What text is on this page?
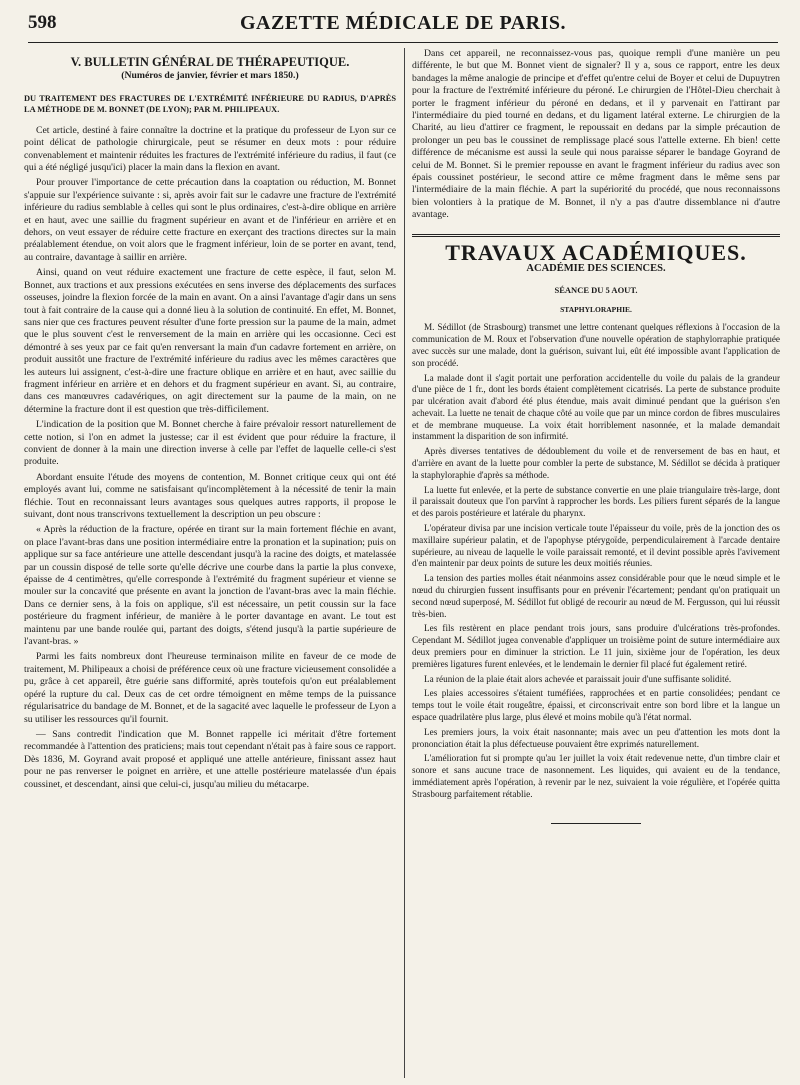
598	GAZETTE MÉDICALE DE PARIS.
V. BULLETIN GÉNÉRAL DE THÉRAPEUTIQUE.
(Numéros de janvier, février et mars 1850.)
DU TRAITEMENT DES FRACTURES DE L'EXTRÉMITÉ INFÉRIEURE DU RADIUS, D'APRÈS LA MÉTHODE DE M. BONNET (DE LYON); PAR M. PHILIPEAUX.

Cet article, destiné à faire connaître la doctrine et la pratique du professeur de Lyon sur ce point délicat de pathologie chirurgicale, peut se résumer en deux mots : pour réduire convenablement et maintenir réduites les fractures de l'extrémité inférieure du radius, il faut (ce qui a été négligé jusqu'ici) placer la main dans la flexion en avant.

Pour prouver l'importance de cette précaution dans la coaptation ou réduction, M. Bonnet s'appuie sur l'expérience suivante : si, après avoir fait sur le cadavre une fracture de l'extrémité inférieure du radius semblable à celles qui sont le plus ordinaires, c'est-à-dire oblique en arrière et en haut, avec une saillie du fragment supérieur en avant et de l'inférieur en arrière et en dehors, on veut essayer de réduire cette fracture en exerçant des tractions directes sur la main préalablement étendue, on voit alors que le fragment inférieur, loin de se porter en avant, tend, au contraire, davantage à saillir en arrière.

Ainsi, quand on veut réduire exactement une fracture de cette espèce, il faut, selon M. Bonnet, aux tractions et aux pressions exécutées en sens inverse des déplacements des surfaces osseuses, joindre la flexion forcée de la main en avant. On a ainsi l'avantage d'agir dans un sens tout à fait contraire de la cause qui a donné lieu à la solution de continuité. En effet, M. Bonnet, sans nier que ces fractures peuvent résulter d'une forte pression sur la paume de la main, admet que le plus souvent c'est le renversement de la main en arrière qui les occasionne. Ceci est démontré à ses yeux par ce fait qu'en renversant la main d'un cadavre fortement en arrière, on produit aussitôt une fracture de l'extrémité inférieure du radius avec les mêmes caractères que les auteurs lui assignent, c'est-à-dire une fracture oblique en arrière et en haut, avec saillie du fragment inférieur en arrière et en dehors et du fragment supérieur en avant. Si, au contraire, dans ces manœuvres cadavériques, on agit directement sur la paume de la main, on ne détermine la fracture dont il est question que très-difficilement.

L'indication de la position que M. Bonnet cherche à faire prévaloir ressort naturellement de cette notion, si l'on en admet la justesse; car il est évident que pour réduire la fracture, il convient de donner à la main une direction inverse à celle par l'effet de laquelle celle-ci s'est produite.

Abordant ensuite l'étude des moyens de contention, M. Bonnet critique ceux qui ont été employés avant lui, comme ne satisfaisant qu'incomplètement à la nécessité de tenir la main fléchie. Tout en reconnaissant leurs avantages sous quelques autres rapports, il propose le suivant, dont nous transcrivons textuellement la description un peu obscure :

« Après la réduction de la fracture, opérée en tirant sur la main fortement fléchie en avant, on place l'avant-bras dans une position intermédiaire entre la pronation et la supination; puis on applique sur sa face antérieure une attelle descendant jusqu'à la racine des doigts, et matelassée par un coussin disposé de telle sorte qu'elle décrive une courbe dans la partie la plus convexe, épaisse de 4 centimètres, qu'elle corresponde à l'extrémité du fragment supérieur et vienne se mouler sur la concavité que présente en avant la jonction de l'avant-bras avec la main fléchie. Dans ce dernier sens, à la fois on applique, s'il est nécessaire, un petit coussin sur la face postérieure du fragment inférieur, de manière à le porter davantage en avant. Le tout est maintenu par une bande roulée qui, partant des doigts, s'étend jusqu'à la partie supérieure de l'avant-bras. »

Parmi les faits nombreux dont l'heureuse terminaison milite en faveur de ce mode de traitement, M. Philipeaux a choisi de préférence ceux où une fracture vicieusement consolidée a pu, grâce à cet appareil, être guérie sans difformité, après toutefois qu'on eut préalablement opéré la rupture du cal. Deux cas de cet ordre témoignent en même temps de la puissance régularisatrice du bandage de M. Bonnet, et de la sagacité avec laquelle le professeur de Lyon a su utiliser les ressources qu'il fournit.

— Sans contredit l'indication que M. Bonnet rappelle ici méritait d'être fortement recommandée à l'attention des praticiens; mais tout cependant n'était pas à faire sous ce rapport. Dès 1836, M. Goyrand avait proposé et appliqué une attelle antérieure, finissant assez haut pour ne pas renverser le poignet en arrière, et une attelle postérieure matelassée d'un épais coussinet, et descendant, ainsi que celui-ci, jusqu'au milieu du métacarpe.

Dans cet appareil, ne reconnaissez-vous pas, quoique rempli d'une manière un peu différente, le but que M. Bonnet vient de signaler? Il y a, sous ce rapport, entre les deux bandages la même analogie de principe et d'effet qu'entre celui de Boyer et celui de Dupuytren pour la fracture de l'extrémité inférieure du péroné. Le chirurgien de l'Hôtel-Dieu cherchait à porter le fragment inférieur du péroné en dedans, et il y parvenait en l'attirant par l'intermédiaire du pied tourné en dedans, et du ligament latéral externe. Le chirurgien de la Charité, au lieu d'attirer ce fragment, le repoussait en dedans par la simple précaution de prolonger un peu bas le coussinet de remplissage placé sous l'attelle externe. Eh bien! cette différence de mécanisme est aussi la seule qui nous paraisse séparer le bandage Goyrand de celui de M. Bonnet. Si le premier repousse en avant le fragment inférieur du radius avec son épais coussinet postérieur, le second attire ce même fragment dans le même sens par l'intermédiaire de la main fléchie. A part la supériorité du procédé, que nous reconnaissons bien volontiers à la pratique de M. Bonnet, il n'y a pas d'autre dissemblance ni d'autre avantage.

TRAVAUX ACADÉMIQUES.
ACADÉMIE DES SCIENCES.
SÉANCE DU 5 AOUT.
STAPHYLORAPHIE.

M. Sédillot (de Strasbourg) transmet une lettre contenant quelques réflexions à l'occasion de la communication de M. Roux et l'observation d'une nouvelle opération de staphylorraphie pratiquée avec succès sur une malade, dont la guérison, suivant lui, eût été impossible avant l'application de son procédé.

La malade dont il s'agit portait une perforation accidentelle du voile du palais de la grandeur d'une pièce de 1 fr., dont les bords étaient complètement cicatrisés. La perte de substance produite par ulcération avait d'abord été plus étendue, mais avait diminué pendant que la guérison s'en achevait. La luette ne tenait de chaque côté au voile que par un mince cordon de fibres musculaires et de membrane muqueuse. La voix était horriblement nasonnée, et la malade demandait instamment la disparition de son infirmité.

Après diverses tentatives de dédoublement du voile et de renversement de bas en haut, et d'arrière en avant de la luette pour combler la perte de substance, M. Sédillot se décida à pratiquer la staphyloraphie d'après sa méthode.

La luette fut enlevée, et la perte de substance convertie en une plaie triangulaire très-large, dont il paraissait douteux que l'on parvînt à rapprocher les bords. Les piliers furent séparés de la langue et des parois postérieure et latérale du pharynx.

L'opérateur divisa par une incision verticale toute l'épaisseur du voile, près de la jonction des os maxillaire supérieur palatin, et de l'apophyse ptérygoïde, perpendiculairement à l'arcade dentaire supérieure, au niveau de laquelle le voile paraissait remonté, et il devint possible après l'avivement d'en maintenir par deux points de suture les deux moitiés réunies.

La tension des parties molles était néanmoins assez considérable pour que le nœud simple et le nœud du chirurgien fussent insuffisants pour en prévenir l'écartement; pendant qu'on pratiquait un second nœud superposé, M. Sédillot fut obligé de recourir au nœud de M. Fergusson, qui lui réussit très-bien.

Les fils restèrent en place pendant trois jours, sans produire d'ulcérations très-profondes. Cependant M. Sédillot jugea convenable d'appliquer un troisième point de suture intermédiaire aux deux premiers pour en diminuer la striction. Le 11 juin, sixième jour de l'opération, les deux premières ligatures furent enlevées, et le lendemain le dernier fil placé fut également retiré.

La réunion de la plaie était alors achevée et paraissait jouir d'une suffisante solidité.

Les plaies accessoires s'étaient tuméfiées, rapprochées et en partie consolidées; pendant ce temps tout le voile était rougeâtre, épaissi, et circonscrivait entre son bord libre et la langue un espace quadrilatère plus large, plus élevé et moins mobile qu'à l'état normal.

Les premiers jours, la voix était nasonnante; mais avec un peu d'attention les mots dont la prononciation était la plus défectueuse pouvaient être exprimés naturellement.

L'amélioration fut si prompte qu'au 1er juillet la voix était redevenue nette, d'un timbre clair et sonore et sans aucune trace de nasonnement. Les liquides, qui avaient eu de la tendance, immédiatement après l'opération, à revenir par le nez, suivaient la voie régulière, et l'opérée quitta Strasbourg parfaitement rétablie.
